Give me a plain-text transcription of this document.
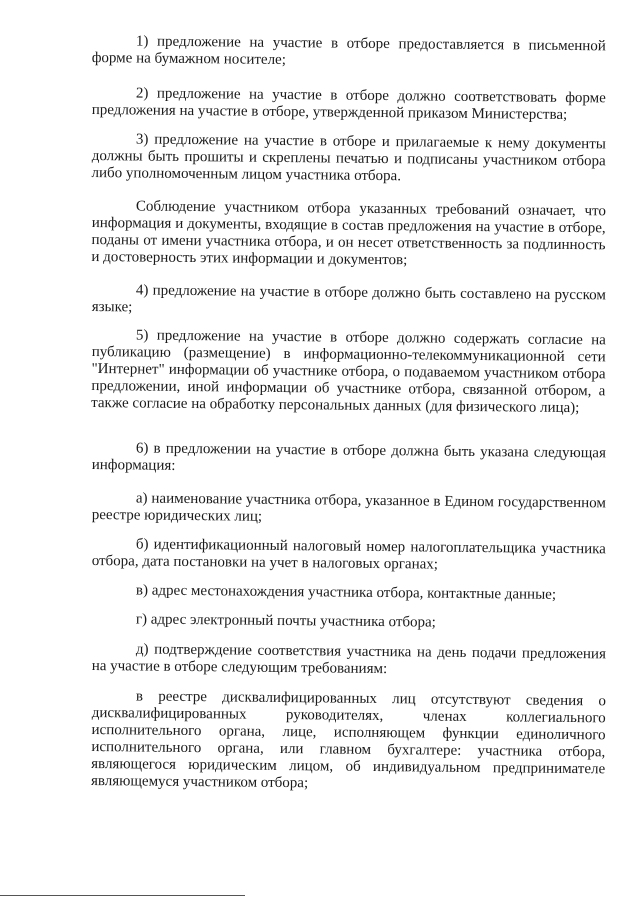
1) предложение на участие в отборе предоставляется в письменной форме на бумажном носителе;

2) предложение на участие в отборе должно соответствовать форме предложения на участие в отборе, утвержденной приказом Министерства;

3) предложение на участие в отборе и прилагаемые к нему документы должны быть прошиты и скреплены печатью и подписаны участником отбора либо уполномоченным лицом участника отбора.

Соблюдение участником отбора указанных требований означает, что информация и документы, входящие в состав предложения на участие в отборе, поданы от имени участника отбора, и он несет ответственность за подлинность и достоверность этих информации и документов;

4) предложение на участие в отборе должно быть составлено на русском языке;

5) предложение на участие в отборе должно содержать согласие на публикацию (размещение) в информационно-телекоммуникационной сети "Интернет" информации об участнике отбора, о подаваемом участником отбора предложении, иной информации об участнике отбора, связанной отбором, а также согласие на обработку персональных данных (для физического лица);

6) в предложении на участие в отборе должна быть указана следующая информация:

а) наименование участника отбора, указанное в Едином государственном реестре юридических лиц;

б) идентификационный налоговый номер налогоплательщика участника отбора, дата постановки на учет в налоговых органах;

в) адрес местонахождения участника отбора, контактные данные;

г) адрес электронный почты участника отбора;

д) подтверждение соответствия участника на день подачи предложения на участие в отборе следующим требованиям:

в реестре дисквалифицированных лиц отсутствуют сведения о дисквалифицированных руководителях, членах коллегиального исполнительного органа, лице, исполняющем функции единоличного исполнительного органа, или главном бухгалтере: участника отбора, являющегося юридическим лицом, об индивидуальном предпринимателе являющемуся участником отбора;
